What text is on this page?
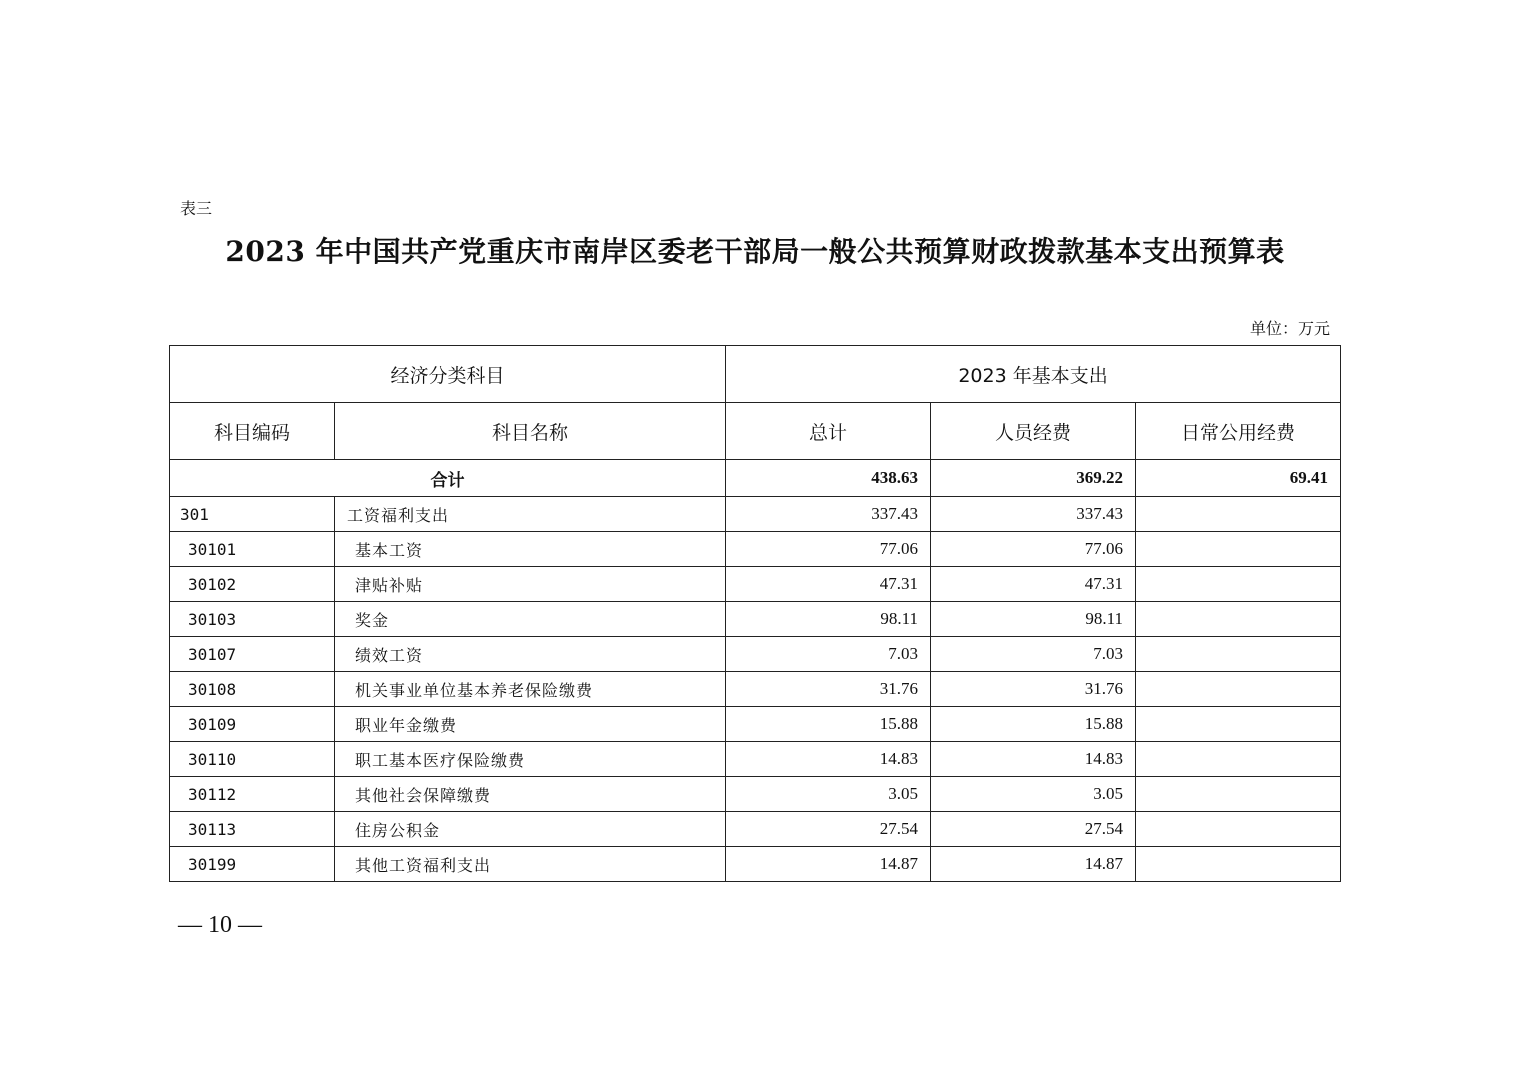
表三
2023 年中国共产党重庆市南岸区委老干部局一般公共预算财政拨款基本支出预算表
单位：万元
经济分类科目		2023 年基本支出		
科目编码	科目名称	总计	人员经费	日常公用经费
合计		438.63	369.22	69.41
301	工资福利支出	337.43	337.43	
30101	基本工资	77.06	77.06	
30102	津贴补贴	47.31	47.31	
30103	奖金	98.11	98.11	
30107	绩效工资	7.03	7.03	
30108	机关事业单位基本养老保险缴费	31.76	31.76	
30109	职业年金缴费	15.88	15.88	
30110	职工基本医疗保险缴费	14.83	14.83	
30112	其他社会保障缴费	3.05	3.05	
30113	住房公积金	27.54	27.54	
30199	其他工资福利支出	14.87	14.87	
— 10 —
